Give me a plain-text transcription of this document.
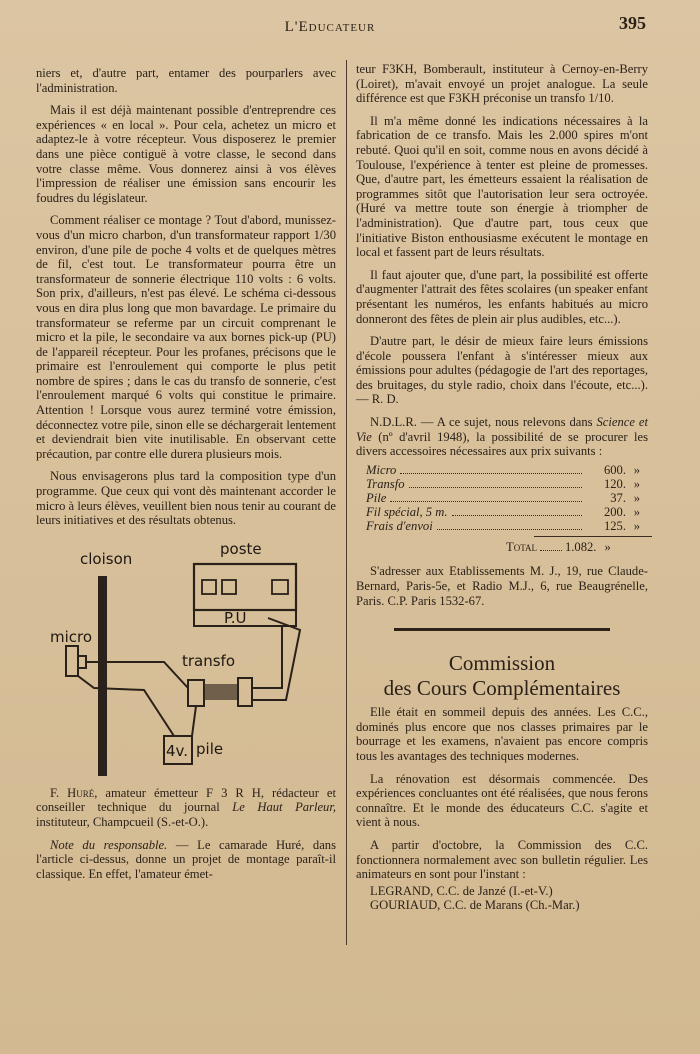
L'Educateur	395

niers et, d'autre part, entamer des pourparlers avec l'administration.

Mais il est déjà maintenant possible d'entreprendre ces expériences « en local ». Pour cela, achetez un micro et adaptez-le à votre récepteur. Vous disposerez le premier dans une pièce contiguë à votre classe, le second dans votre classe même. Vous donnerez ainsi à vos élèves l'impression de réaliser une émission sans encourir les foudres du législateur.

Comment réaliser ce montage ? Tout d'abord, munissez-vous d'un micro charbon, d'un transformateur rapport 1/30 environ, d'une pile de poche 4 volts et de quelques mètres de fil, c'est tout. Le transformateur pourra être un transformateur de sonnerie électrique 110 volts : 6 volts. Son prix, d'ailleurs, n'est pas élevé. Le schéma ci-dessous vous en dira plus long que mon bavardage. Le primaire du transformateur se referme par un circuit comprenant le micro et la pile, le secondaire va aux bornes pick-up (PU) de l'appareil récepteur. Pour les profanes, précisons que le primaire est l'enroulement qui comporte le plus petit nombre de spires ; dans le cas du transfo de sonnerie, c'est l'enroulement marqué 6 volts qui constitue le primaire. Attention ! Lorsque vous aurez terminé votre émission, déconnectez votre pile, sinon elle se déchargerait lentement et deviendrait bien vite inutilisable. En observant cette précaution, par contre elle durera plusieurs mois.

Nous envisagerons plus tard la composition type d'un programme. Que ceux qui vont dès maintenant accorder le micro à leurs élèves, veuillent bien nous tenir au courant de leurs initiatives et des résultats obtenus.

cloison
poste
P.U
micro
transfo
4v. pile

F. Huré, amateur émetteur F 3 R H, rédacteur et conseiller technique du journal Le Haut Parleur, instituteur, Champcueil (S.-et-O.).

Note du responsable. — Le camarade Huré, dans l'article ci-dessus, donne un projet de montage paraît-il classique. En effet, l'amateur émet-

teur F3KH, Bomberault, instituteur à Cernoy-en-Berry (Loiret), m'avait envoyé un projet analogue. La seule différence est que F3KH préconise un transfo 1/10.

Il m'a même donné les indications nécessaires à la fabrication de ce transfo. Mais les 2.000 spires m'ont rebuté. Quoi qu'il en soit, comme nous en avons décidé à Toulouse, l'expérience à tenter est pleine de promesses. Que, d'autre part, les émetteurs essaient la réalisation de programmes sitôt que l'autorisation leur sera octroyée. (Huré va mettre toute son énergie à triompher de l'administration). Que d'autre part, tous ceux que l'initiative Biston enthousiasme exécutent le montage en local et fassent part de leurs résultats.

Il faut ajouter que, d'une part, la possibilité est offerte d'augmenter l'attrait des fêtes scolaires (un speaker enfant présentant les numéros, les enfants habitués au micro donneront des fêtes de plein air plus audibles, etc...).

D'autre part, le désir de mieux faire leurs émissions d'école poussera l'enfant à s'intéresser mieux aux émissions pour adultes (pédagogie de l'art des reportages, des bruitages, du style radio, choix dans l'écoute, etc...). — R. D.

N.D.L.R. — A ce sujet, nous relevons dans Science et Vie (nº d'avril 1948), la possibilité de se procurer les divers accessoires nécessaires aux prix suivants :

Micro	600. »
Transfo	120. »
Pile	37. »
Fil spécial, 5 m.	200. »
Frais d'envoi	125. »
Total 1.082. »

S'adresser aux Etablissements M. J., 19, rue Claude-Bernard, Paris-5e, et Radio M.J., 6, rue Beaugrénelle, Paris. C.P. Paris 1532-67.

Commission
des Cours Complémentaires

Elle était en sommeil depuis des années. Les C.C., dominés plus encore que nos classes primaires par le bourrage et les examens, n'avaient pas encore compris tous les avantages des techniques modernes.

La rénovation est désormais commencée. Des expériences concluantes ont été réalisées, que nous ferons connaître. Et le monde des éducateurs C.C. s'agite et vient à nous.

A partir d'octobre, la Commission des C.C. fonctionnera normalement avec son bulletin régulier. Les animateurs en sont pour l'instant :

LEGRAND, C.C. de Janzé (I.-et-V.)

GOURIAUD, C.C. de Marans (Ch.-Mar.)
